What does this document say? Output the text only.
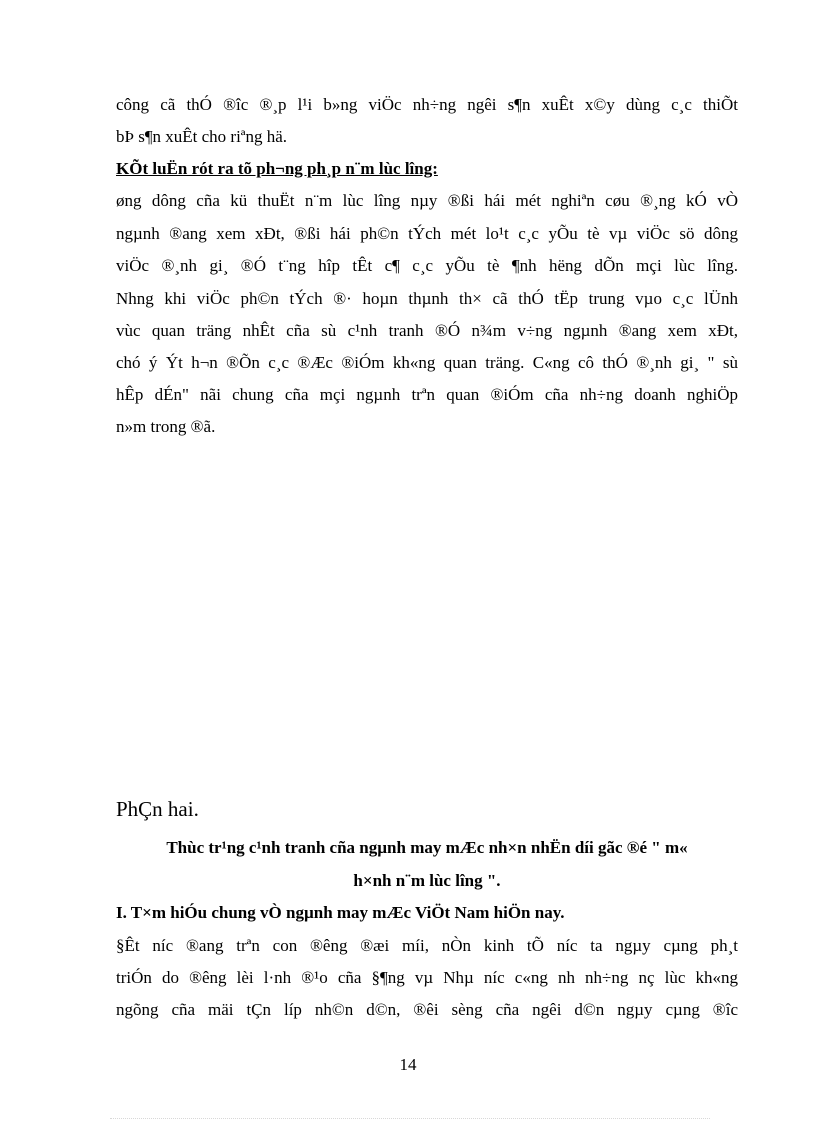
công cã thÓ ®îc ®¸p l¹i b»ng viÖc nh÷ng ngêi s¶n xuÊt x©y dùng c¸c thiÕt

bÞ s¶n xuÊt cho riªng hä.

KÕt luËn rót ra tõ ph¬ng ph¸p n¨m lùc lîng:

øng dông cña kü thuËt n¨m lùc lîng nµy ®ßi hái mét nghiªn cøu ®¸ng kÓ vÒ

ngµnh ®ang xem xÐt, ®ßi hái ph©n tÝch mét lo¹t c¸c yÕu tè vµ viÖc sö dông

viÖc ®¸nh gi¸ ®Ó t¨ng hîp tÊt c¶ c¸c yÕu tè ¶nh hëng dÕn mçi lùc lîng.

Nhng khi viÖc ph©n tÝch ®· hoµn thµnh th× cã thÓ tËp trung vµo c¸c lÜnh

vùc quan träng nhÊt cña sù c¹nh tranh ®Ó n¾m v÷ng ngµnh ®ang xem xÐt,

chó ý Ýt h¬n ®Õn c¸c ®Æc ®iÓm kh«ng quan träng. C«ng cô thÓ ®¸nh gi¸ " sù

hÊp dÉn" nãi chung cña mçi ngµnh trªn quan ®iÓm cña nh÷ng doanh nghiÖp

n»m trong ®ã.

PhÇn hai.

Thùc tr¹ng c¹nh tranh cña ngµnh may mÆc nh×n nhËn díi gãc ®é " m«

h×nh n¨m lùc lîng ".

I. T×m hiÓu chung vÒ ngµnh may mÆc ViÖt Nam hiÖn nay.

§Êt níc ®ang trªn con ®êng ®æi míi, nÒn kinh tÕ níc ta ngµy cµng ph¸t

triÓn do ®êng lèi l·nh ®¹o cña §¶ng vµ Nhµ níc c«ng nh nh÷ng nç lùc kh«ng

ngõng cña mäi tÇn líp nh©n d©n, ®êi sèng cña ngêi d©n ngµy cµng ®îc

14
